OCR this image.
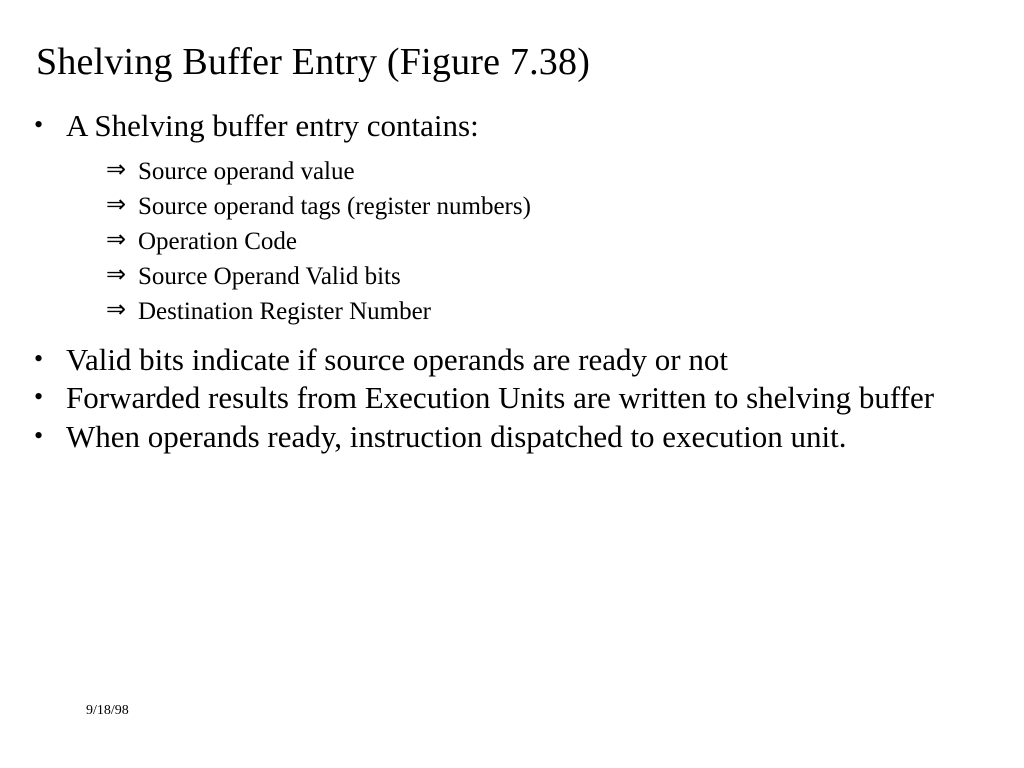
Shelving Buffer Entry (Figure 7.38)
• A Shelving buffer entry contains:
⇒ Source operand value
⇒ Source operand tags (register numbers)
⇒ Operation Code
⇒ Source Operand Valid bits
⇒ Destination Register Number
• Valid bits indicate if source operands are ready or not
• Forwarded results from Execution Units are written to shelving buffer
• When operands ready, instruction dispatched to execution unit.
9/18/98
